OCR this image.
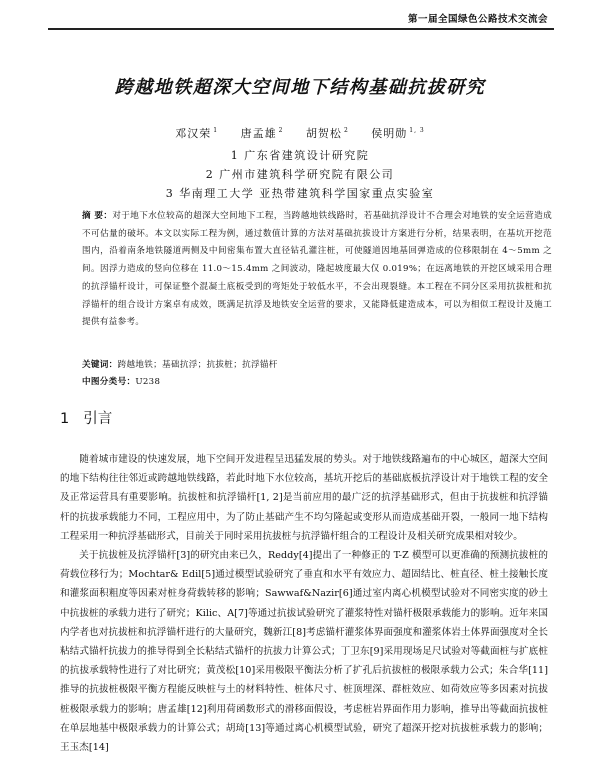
第一届全国绿色公路技术交流会
跨越地铁超深大空间地下结构基础抗拔研究
邓汉荣 $^1$ 唐孟雄 $^2$ 胡贺松 $^2$ 侯明勋 $^{1, 3}$
1 广东省建筑设计研究院
2 广州市建筑科学研究院有限公司
3 华南理工大学 亚热带建筑科学国家重点实验室
摘 要：对于地下水位较高的超深大空间地下工程，当跨越地铁线路时，若基础抗浮设计不合理会对地铁的安全运营造成不可估量的破坏。本文以实际工程为例，通过数值计算的方法对基础抗拔设计方案进行分析，结果表明，在基坑开挖范围内，沿着南条地铁隧道两侧及中间密集布置大直径钻孔灌注桩，可使隧道因地基回弹造成的位移限制在 4～5mm 之间。因浮力造成的竖向位移在 11.0～15.4mm 之间波动，隆起坡度最大仅 0.019%；在远离地铁的开挖区域采用合理的抗浮锚杆设计，可保证整个混凝土底板受到的弯矩处于较低水平，不会出现裂缝。本工程在不同分区采用抗拔桩和抗浮锚杆的组合设计方案卓有成效，既满足抗浮及地铁安全运营的要求，又能降低建造成本，可以为相似工程设计及施工提供有益参考。
关键词：跨越地铁；基础抗浮；抗拔桩；抗浮锚杆
中图分类号：U238
1 引言

随着城市建设的快速发展，地下空间开发进程呈迅猛发展的势头。对于地铁线路遍布的中心城区，超深大空间的地下结构往往邻近或跨越地铁线路，若此时地下水位较高，基坑开挖后的基础底板抗浮设计对于地铁工程的安全及正常运营具有重要影响。抗拔桩和抗浮锚杆[1, 2]是当前应用的最广泛的抗浮基础形式，但由于抗拔桩和抗浮锚杆的抗拔承载能力不同，工程应用中，为了防止基础产生不均匀隆起或变形从而造成基础开裂，一般同一地下结构工程采用一种抗浮基础形式，目前关于同时采用抗拔桩与抗浮锚杆组合的工程设计及相关研究成果相对较少。

关于抗拔桩及抗浮锚杆[3]的研究由来已久，Reddy[4]提出了一种修正的 T-Z 模型可以更准确的预测抗拔桩的荷载位移行为；Mochtar& Edil[5]通过模型试验研究了垂直和水平有效应力、超固结比、桩直径、桩土接触长度和灌浆面积粗度等因素对桩身荷载转移的影响；Sawwaf&Nazir[6]通过室内离心机模型试验对不同密实度的砂土中抗拔桩的承载力进行了研究；Kilic、A[7]等通过抗拔试验研究了灌浆特性对锚杆极限承载能力的影响。近年来国内学者也对抗拔桩和抗浮锚杆进行的大量研究，魏新江[8]考虑锚杆灌浆体界面强度和灌浆体岩土体界面强度对全长粘结式锚杆抗拔力的推导得到全长粘结式锚杆的抗拔力计算公式；丁卫东[9]采用现场足尺试验对等截面桩与扩底桩的抗拔承载特性进行了对比研究；黄茂松[10]采用极限平衡法分析了扩孔后抗拔桩的极限承载力公式；朱合华[11]推导的抗拔桩极限平衡方程能反映桩与土的材料特性、桩体尺寸、桩顶埋深、群桩效应、如荷效应等多因素对抗拔桩极限承载力的影响；唐孟雄[12]利用荷函数形式的滑移面假设，考虑桩岩界面作用力影响，推导出等截面抗拔桩在单层地基中极限承载力的计算公式；胡琦[13]等通过离心机模型试验，研究了超深开挖对抗拔桩承载力的影响；王玉杰[14]
